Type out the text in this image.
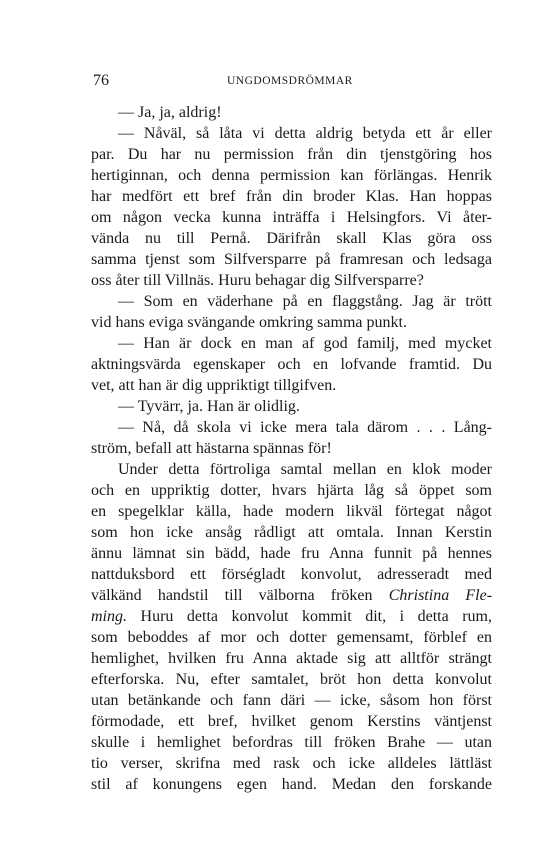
76	UNGDOMSDRÖMMAR
— Ja, ja, aldrig!
— Nåväl, så låta vi detta aldrig betyda ett år eller
par. Du har nu permission från din tjenstgöring hos
hertiginnan, och denna permission kan förlängas. Henrik
har medfört ett bref från din broder Klas. Han hoppas
om någon vecka kunna inträffa i Helsingfors. Vi åter-
vända nu till Pernå. Därifrån skall Klas göra oss
samma tjenst som Silfversparre på framresan och ledsaga
oss åter till Villnäs. Huru behagar dig Silfversparre?
— Som en väderhane på en flaggstång. Jag är trött
vid hans eviga svängande omkring samma punkt.
— Han är dock en man af god familj, med mycket
aktningsvärda egenskaper och en lofvande framtid. Du
vet, att han är dig uppriktigt tillgifven.
— Tyvärr, ja. Han är olidlig.
— Nå, då skola vi icke mera tala därom . . . Lång-
ström, befall att hästarna spännas för!
Under detta förtroliga samtal mellan en klok moder
och en uppriktig dotter, hvars hjärta låg så öppet som
en spegelklar källa, hade modern likväl förtegat något
som hon icke ansåg rådligt att omtala. Innan Kerstin
ännu lämnat sin bädd, hade fru Anna funnit på hennes
nattduksbord ett förségladt konvolut, adresseradt med
välkänd handstil till välborna fröken Christina Fle-
ming. Huru detta konvolut kommit dit, i detta rum,
som beboddes af mor och dotter gemensamt, förblef en
hemlighet, hvilken fru Anna aktade sig att alltför strängt
efterforska. Nu, efter samtalet, bröt hon detta konvolut
utan betänkande och fann däri — icke, såsom hon först
förmodade, ett bref, hvilket genom Kerstins väntjenst
skulle i hemlighet befordras till fröken Brahe — utan
tio verser, skrifna med rask och icke alldeles lättläst
stil af konungens egen hand. Medan den forskande
